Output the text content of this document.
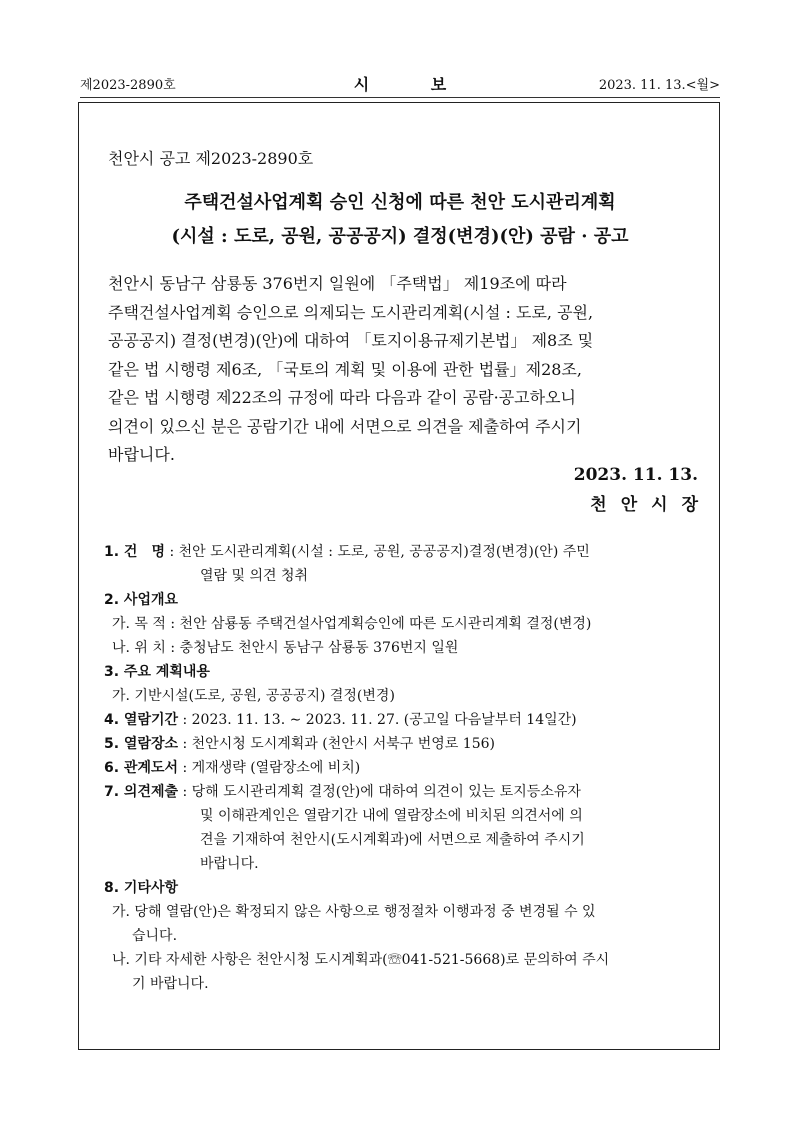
제2023-2890호	시 보	2023. 11. 13.<월>
천안시 공고 제2023-2890호
주택건설사업계획 승인 신청에 따른 천안 도시관리계획
(시설 : 도로, 공원, 공공공지) 결정(변경)(안) 공람 · 공고
천안시 동남구 삼룡동 376번지 일원에 「주택법」 제19조에 따라
주택건설사업계획 승인으로 의제되는 도시관리계획(시설 : 도로, 공원,
공공공지) 결정(변경)(안)에 대하여 「토지이용규제기본법」 제8조 및
같은 법 시행령 제6조, 「국토의 계획 및 이용에 관한 법률」제28조,
같은 법 시행령 제22조의 규정에 따라 다음과 같이 공람·공고하오니
의견이 있으신 분은 공람기간 내에 서면으로 의견을 제출하여 주시기
바랍니다.
2023. 11. 13.
천안시장
1. 건　명 : 천안 도시관리계획(시설 : 도로, 공원, 공공공지)결정(변경)(안) 주민
열람 및 의견 청취
2. 사업개요
가. 목 적 : 천안 삼룡동 주택건설사업계획승인에 따른 도시관리계획 결정(변경)
나. 위 치 : 충청남도 천안시 동남구 삼룡동 376번지 일원
3. 주요 계획내용
가. 기반시설(도로, 공원, 공공공지) 결정(변경)
4. 열람기간 : 2023. 11. 13. ∼ 2023. 11. 27. (공고일 다음날부터 14일간)
5. 열람장소 : 천안시청 도시계획과 (천안시 서북구 번영로 156)
6. 관계도서 : 게재생략 (열람장소에 비치)
7. 의견제출 : 당해 도시관리계획 결정(안)에 대하여 의견이 있는 토지등소유자
및 이해관계인은 열람기간 내에 열람장소에 비치된 의견서에 의
견을 기재하여 천안시(도시계획과)에 서면으로 제출하여 주시기
바랍니다.
8. 기타사항
가. 당해 열람(안)은 확정되지 않은 사항으로 행정절차 이행과정 중 변경될 수 있
습니다.
나. 기타 자세한 사항은 천안시청 도시계획과(☏041-521-5668)로 문의하여 주시
기 바랍니다.
